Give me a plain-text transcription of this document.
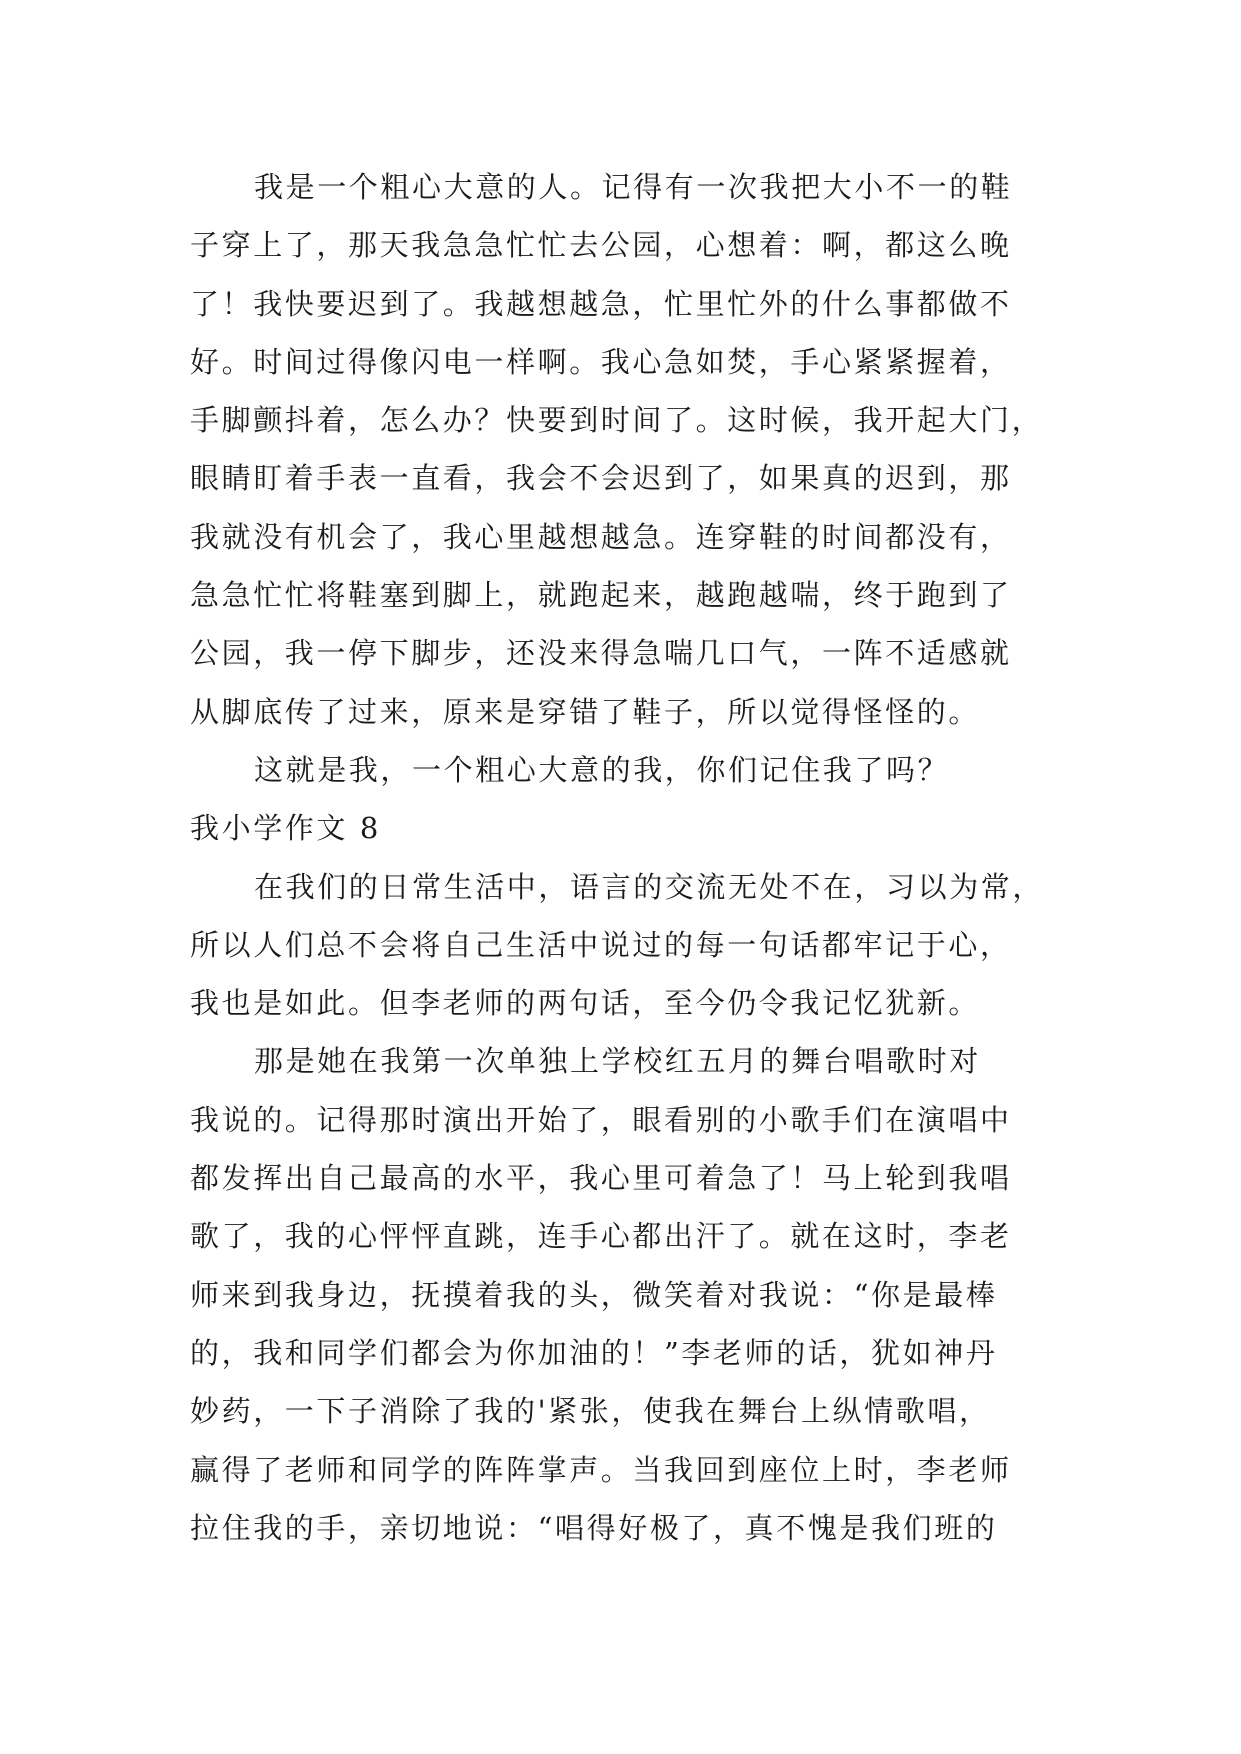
我是一个粗心大意的人。记得有一次我把大小不一的鞋
子穿上了，那天我急急忙忙去公园，心想着：啊，都这么晚
了！我快要迟到了。我越想越急，忙里忙外的什么事都做不
好。时间过得像闪电一样啊。我心急如焚，手心紧紧握着，
手脚颤抖着，怎么办？快要到时间了。这时候，我开起大门，
眼睛盯着手表一直看，我会不会迟到了，如果真的迟到，那
我就没有机会了，我心里越想越急。连穿鞋的时间都没有，
急急忙忙将鞋塞到脚上，就跑起来，越跑越喘，终于跑到了
公园，我一停下脚步，还没来得急喘几口气，一阵不适感就
从脚底传了过来，原来是穿错了鞋子，所以觉得怪怪的。
这就是我，一个粗心大意的我，你们记住我了吗？
我小学作文 8
在我们的日常生活中，语言的交流无处不在，习以为常，
所以人们总不会将自己生活中说过的每一句话都牢记于心，
我也是如此。但李老师的两句话，至今仍令我记忆犹新。
那是她在我第一次单独上学校红五月的舞台唱歌时对
我说的。记得那时演出开始了，眼看别的小歌手们在演唱中
都发挥出自己最高的水平，我心里可着急了！马上轮到我唱
歌了，我的心怦怦直跳，连手心都出汗了。就在这时，李老
师来到我身边，抚摸着我的头，微笑着对我说：“你是最棒
的，我和同学们都会为你加油的！”李老师的话，犹如神丹
妙药，一下子消除了我的'紧张，使我在舞台上纵情歌唱，
赢得了老师和同学的阵阵掌声。当我回到座位上时，李老师
拉住我的手，亲切地说：“唱得好极了，真不愧是我们班的
